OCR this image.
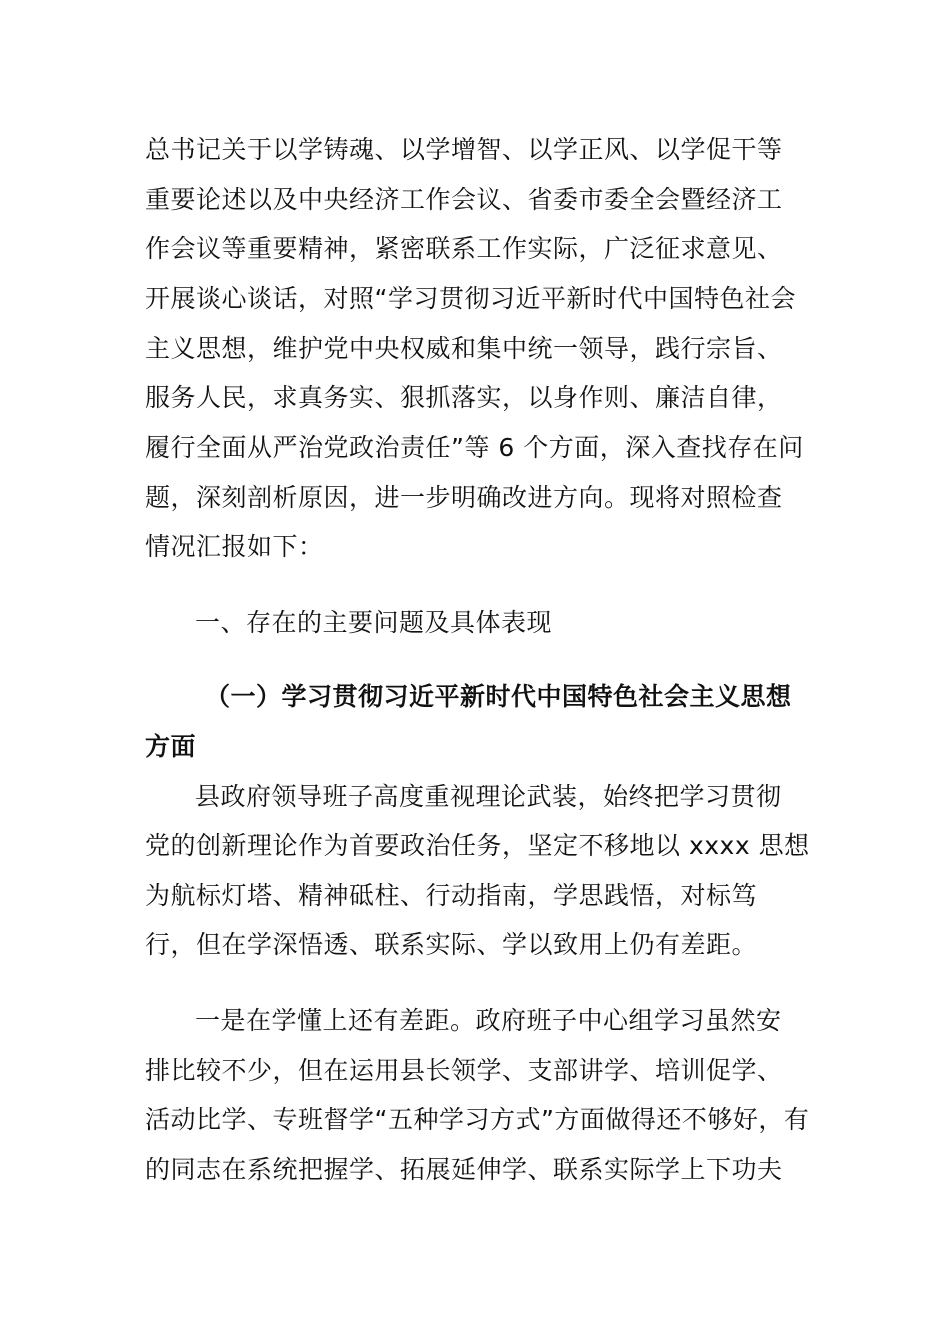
总书记关于以学铸魂、以学增智、以学正风、以学促干等
重要论述以及中央经济工作会议、省委市委全会暨经济工
作会议等重要精神，紧密联系工作实际，广泛征求意见、
开展谈心谈话，对照“学习贯彻习近平新时代中国特色社会
主义思想，维护党中央权威和集中统一领导，践行宗旨、
服务人民，求真务实、狠抓落实，以身作则、廉洁自律，
履行全面从严治党政治责任”等 6 个方面，深入查找存在问
题，深刻剖析原因，进一步明确改进方向。现将对照检查
情况汇报如下：
一、存在的主要问题及具体表现
（一）学习贯彻习近平新时代中国特色社会主义思想
方面
县政府领导班子高度重视理论武装，始终把学习贯彻
党的创新理论作为首要政治任务，坚定不移地以 xxxx 思想
为航标灯塔、精神砥柱、行动指南，学思践悟，对标笃
行，但在学深悟透、联系实际、学以致用上仍有差距。
一是在学懂上还有差距。政府班子中心组学习虽然安
排比较不少，但在运用县长领学、支部讲学、培训促学、
活动比学、专班督学“五种学习方式”方面做得还不够好，有
的同志在系统把握学、拓展延伸学、联系实际学上下功夫
